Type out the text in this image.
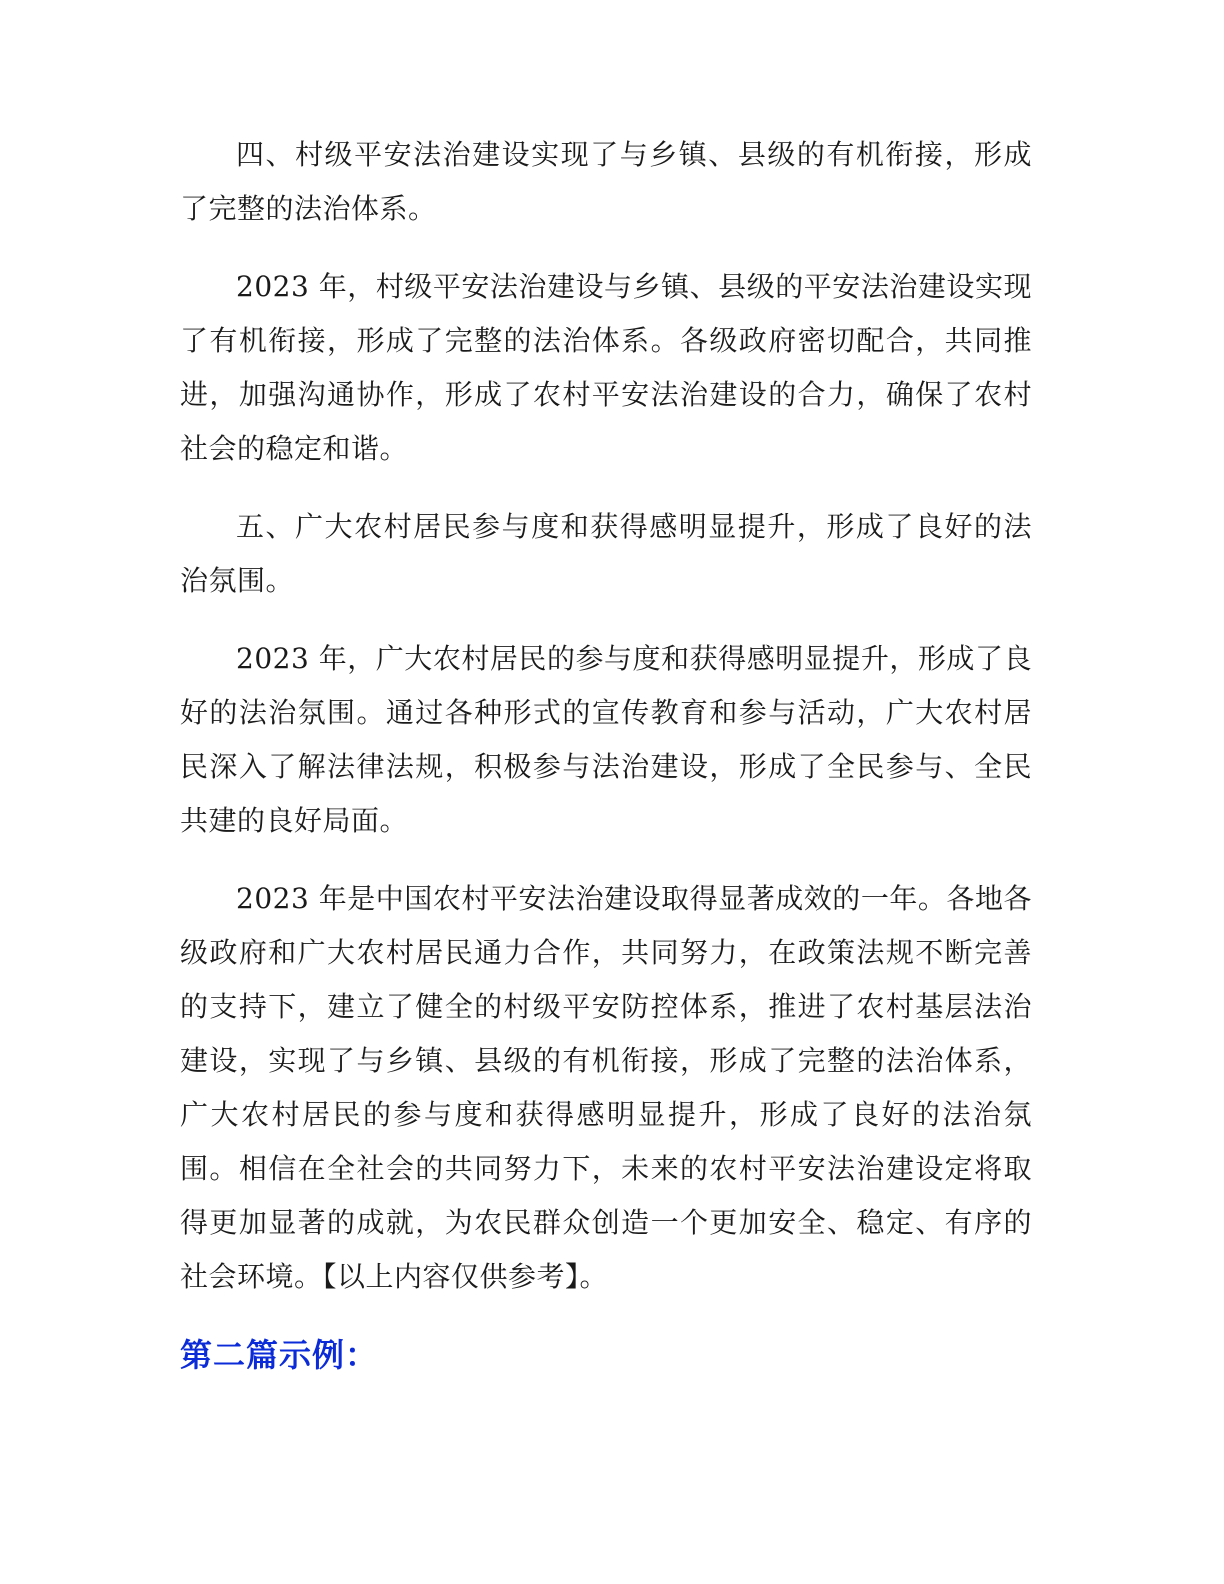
四、村级平安法治建设实现了与乡镇、县级的有机衔接，形成了完整的法治体系。

2023 年，村级平安法治建设与乡镇、县级的平安法治建设实现了有机衔接，形成了完整的法治体系。各级政府密切配合，共同推进，加强沟通协作，形成了农村平安法治建设的合力，确保了农村社会的稳定和谐。

五、广大农村居民参与度和获得感明显提升，形成了良好的法治氛围。

2023 年，广大农村居民的参与度和获得感明显提升，形成了良好的法治氛围。通过各种形式的宣传教育和参与活动，广大农村居民深入了解法律法规，积极参与法治建设，形成了全民参与、全民共建的良好局面。

2023 年是中国农村平安法治建设取得显著成效的一年。各地各级政府和广大农村居民通力合作，共同努力，在政策法规不断完善的支持下，建立了健全的村级平安防控体系，推进了农村基层法治建设，实现了与乡镇、县级的有机衔接，形成了完整的法治体系，广大农村居民的参与度和获得感明显提升，形成了良好的法治氛围。相信在全社会的共同努力下，未来的农村平安法治建设定将取得更加显著的成就，为农民群众创造一个更加安全、稳定、有序的社会环境。【以上内容仅供参考】。

第二篇示例：
